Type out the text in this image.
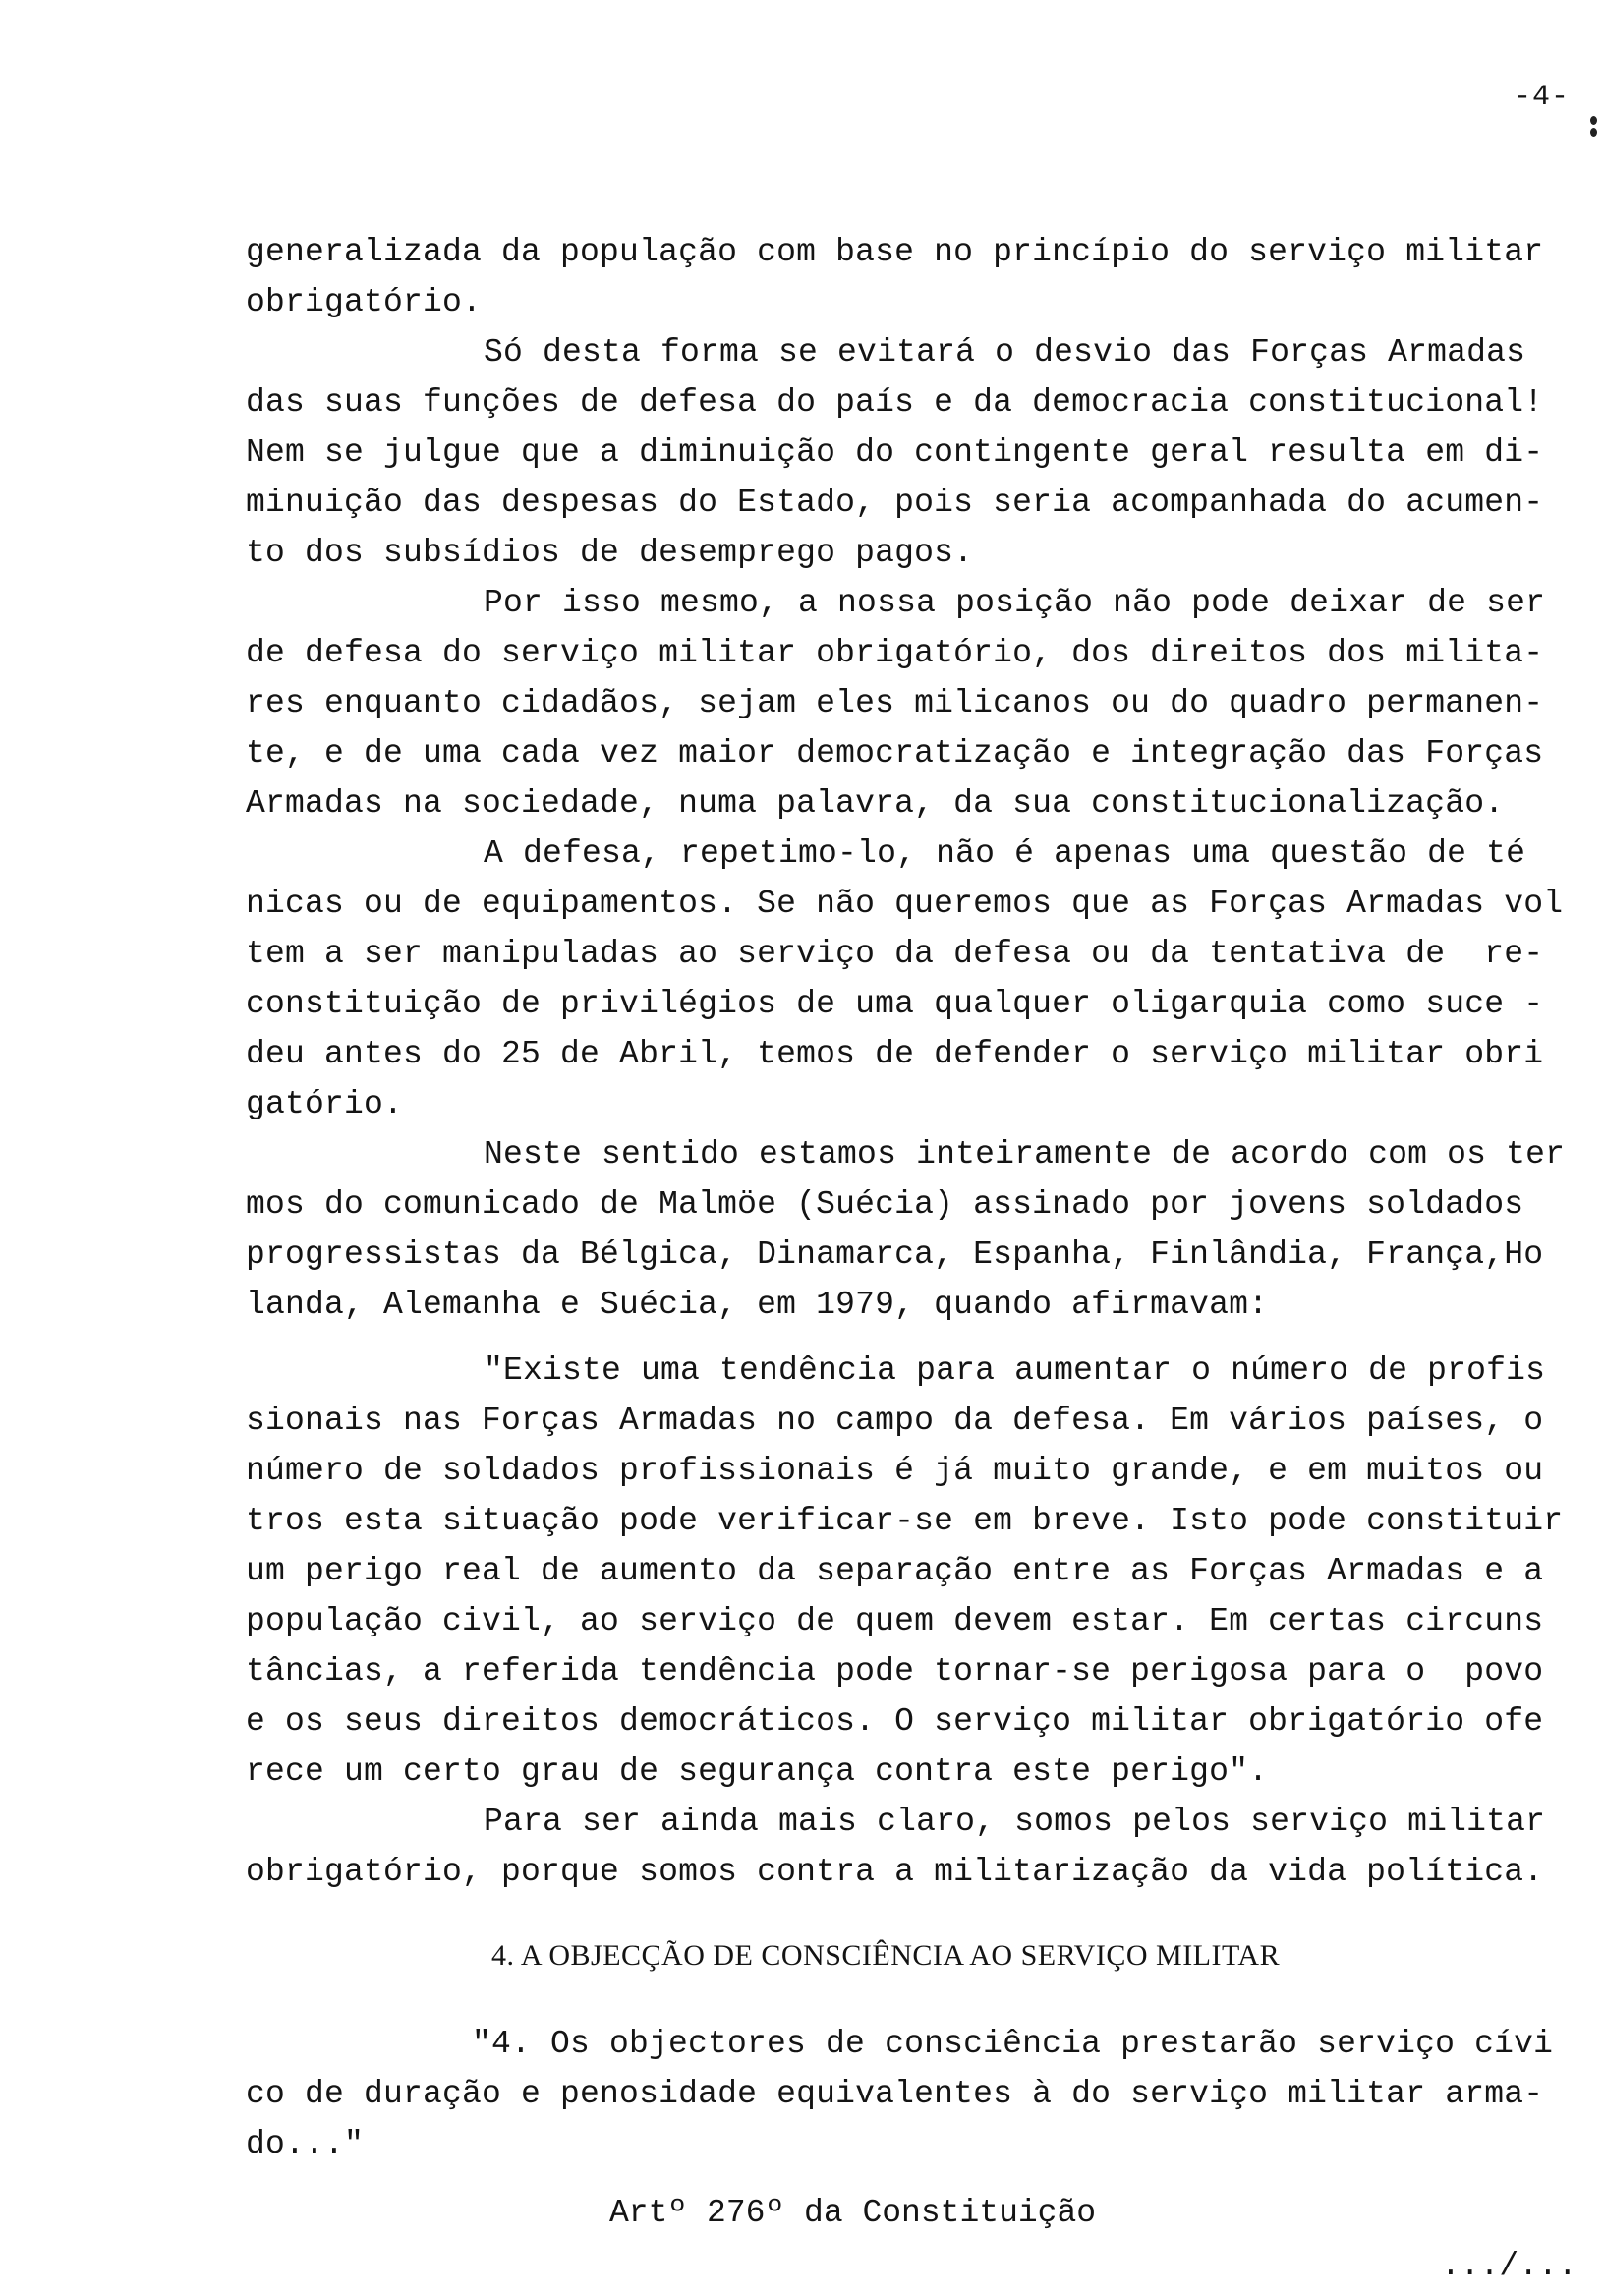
-4-
generalizada da população com base no princípio do serviço militar
obrigatório.
Só desta forma se evitará o desvio das Forças Armadas
das suas funções de defesa do país e da democracia constitucional!
Nem se julgue que a diminuição do contingente geral resulta em di-
minuição das despesas do Estado, pois seria acompanhada do acumen-
to dos subsídios de desemprego pagos.
Por isso mesmo, a nossa posição não pode deixar de ser
de defesa do serviço militar obrigatório, dos direitos dos milita-
res enquanto cidadãos, sejam eles milicanos ou do quadro permanen-
te, e de uma cada vez maior democratização e integração das Forças
Armadas na sociedade, numa palavra, da sua constitucionalização.
A defesa, repetimo-lo, não é apenas uma questão de té
nicas ou de equipamentos. Se não queremos que as Forças Armadas vol
tem a ser manipuladas ao serviço da defesa ou da tentativa de  re-
constituição de privilégios de uma qualquer oligarquia como suce -
deu antes do 25 de Abril, temos de defender o serviço militar obri
gatório.
Neste sentido estamos inteiramente de acordo com os ter
mos do comunicado de Malmöe (Suécia) assinado por jovens soldados
progressistas da Bélgica, Dinamarca, Espanha, Finlândia, França,Ho
landa, Alemanha e Suécia, em 1979, quando afirmavam:
"Existe uma tendência para aumentar o número de profis
sionais nas Forças Armadas no campo da defesa. Em vários países, o
número de soldados profissionais é já muito grande, e em muitos ou
tros esta situação pode verificar-se em breve. Isto pode constituir
um perigo real de aumento da separação entre as Forças Armadas e a
população civil, ao serviço de quem devem estar. Em certas circuns
tâncias, a referida tendência pode tornar-se perigosa para o  povo
e os seus direitos democráticos. O serviço militar obrigatório ofe
rece um certo grau de segurança contra este perigo".
Para ser ainda mais claro, somos pelos serviço militar
obrigatório, porque somos contra a militarização da vida política.
4. A OBJECÇÃO DE CONSCIÊNCIA AO SERVIÇO MILITAR
"4. Os objectores de consciência prestarão serviço cívi
co de duração e penosidade equivalentes à do serviço militar arma-
do..."
Artº 276º da Constituição
.../...
